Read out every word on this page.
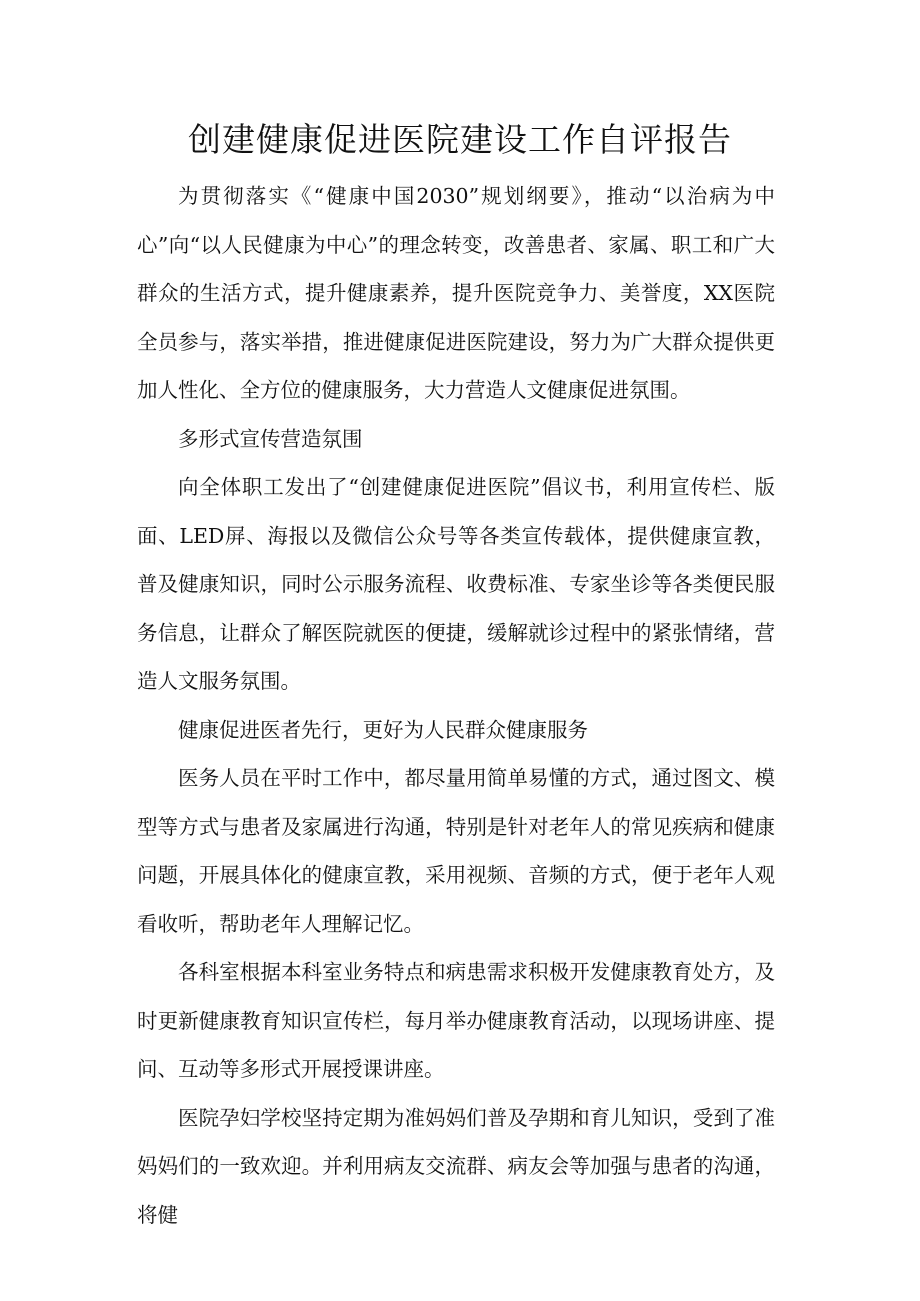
创建健康促进医院建设工作自评报告

为贯彻落实《“健康中国2030”规划纲要》，推动“以治病为中心”向“以人民健康为中心”的理念转变，改善患者、家属、职工和广大群众的生活方式，提升健康素养，提升医院竞争力、美誉度，XX医院全员参与，落实举措，推进健康促进医院建设，努力为广大群众提供更加人性化、全方位的健康服务，大力营造人文健康促进氛围。

多形式宣传营造氛围

向全体职工发出了“创建健康促进医院”倡议书，利用宣传栏、版面、LED屏、海报以及微信公众号等各类宣传载体，提供健康宣教，普及健康知识，同时公示服务流程、收费标准、专家坐诊等各类便民服务信息，让群众了解医院就医的便捷，缓解就诊过程中的紧张情绪，营造人文服务氛围。

健康促进医者先行，更好为人民群众健康服务

医务人员在平时工作中，都尽量用简单易懂的方式，通过图文、模型等方式与患者及家属进行沟通，特别是针对老年人的常见疾病和健康问题，开展具体化的健康宣教，采用视频、音频的方式，便于老年人观看收听，帮助老年人理解记忆。

各科室根据本科室业务特点和病患需求积极开发健康教育处方，及时更新健康教育知识宣传栏，每月举办健康教育活动，以现场讲座、提问、互动等多形式开展授课讲座。

医院孕妇学校坚持定期为准妈妈们普及孕期和育儿知识，受到了准妈妈们的一致欢迎。并利用病友交流群、病友会等加强与患者的沟通，将健
